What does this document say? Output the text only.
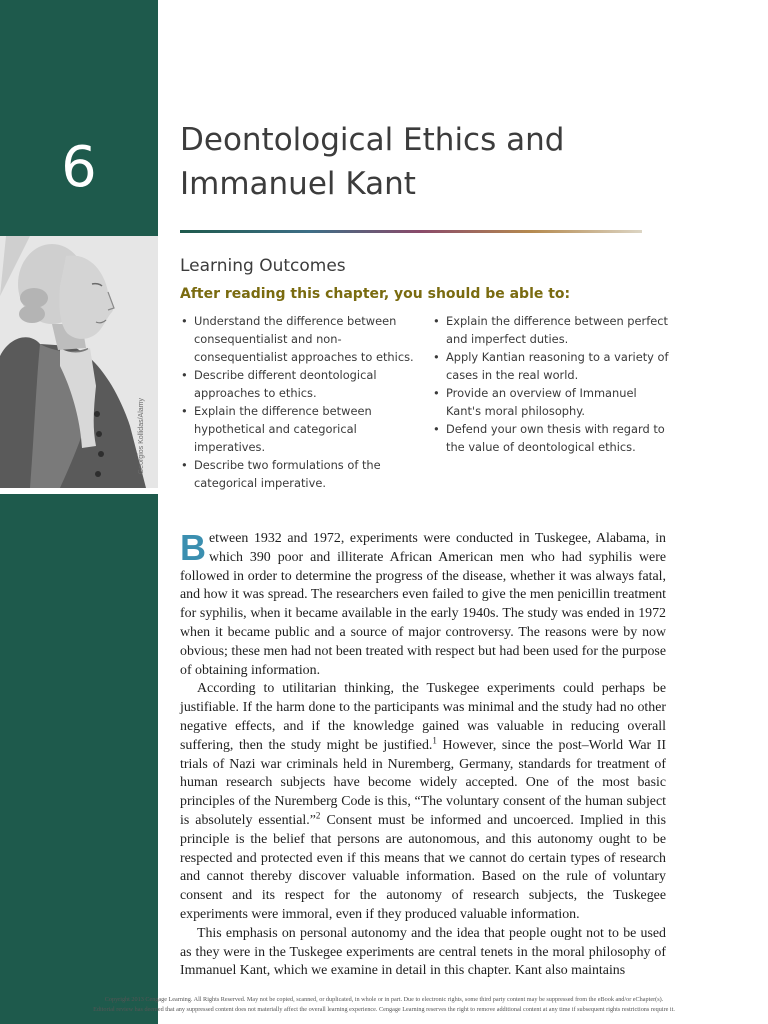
6
Georgios Kollidas/Alamy
Deontological Ethics and
Immanuel Kant
Learning Outcomes
After reading this chapter, you should be able to:
• Understand the difference between consequentialist and non-consequentialist approaches to ethics.
• Describe different deontological approaches to ethics.
• Explain the difference between hypothetical and categorical imperatives.
• Describe two formulations of the categorical imperative.
• Explain the difference between perfect and imperfect duties.
• Apply Kantian reasoning to a variety of cases in the real world.
• Provide an overview of Immanuel Kant's moral philosophy.
• Defend your own thesis with regard to the value of deontological ethics.

Between 1932 and 1972, experiments were conducted in Tuskegee, Alabama, in which 390 poor and illiterate African American men who had syphilis were followed in order to determine the progress of the disease, whether it was always fatal, and how it was spread. The researchers even failed to give the men penicillin treatment for syphilis, when it became available in the early 1940s. The study was ended in 1972 when it became public and a source of major controversy. The reasons were by now obvious; these men had not been treated with respect but had been used for the purpose of obtaining information.

According to utilitarian thinking, the Tuskegee experiments could perhaps be justifiable. If the harm done to the participants was minimal and the study had no other negative effects, and if the knowledge gained was valuable in reducing overall suffering, then the study might be justified.$^1$ However, since the post–World War II trials of Nazi war criminals held in Nuremberg, Germany, standards for treatment of human research subjects have become widely accepted. One of the most basic principles of the Nuremberg Code is this, “The voluntary consent of the human subject is absolutely essential.”$^2$ Consent must be informed and uncoerced. Implied in this principle is the belief that persons are autonomous, and this autonomy ought to be respected and protected even if this means that we cannot do certain types of research and cannot thereby discover valuable information. Based on the rule of voluntary consent and its respect for the autonomy of research subjects, the Tuskegee experiments were immoral, even if they produced valuable information.

This emphasis on personal autonomy and the idea that people ought not to be used as they were in the Tuskegee experiments are central tenets in the moral philosophy of Immanuel Kant, which we examine in detail in this chapter. Kant also maintains

Copyright 2013 Cengage Learning. All Rights Reserved. May not be copied, scanned, or duplicated, in whole or in part. Due to electronic rights, some third party content may be suppressed from the eBook and/or eChapter(s).
Editorial review has deemed that any suppressed content does not materially affect the overall learning experience. Cengage Learning reserves the right to remove additional content at any time if subsequent rights restrictions require it.
